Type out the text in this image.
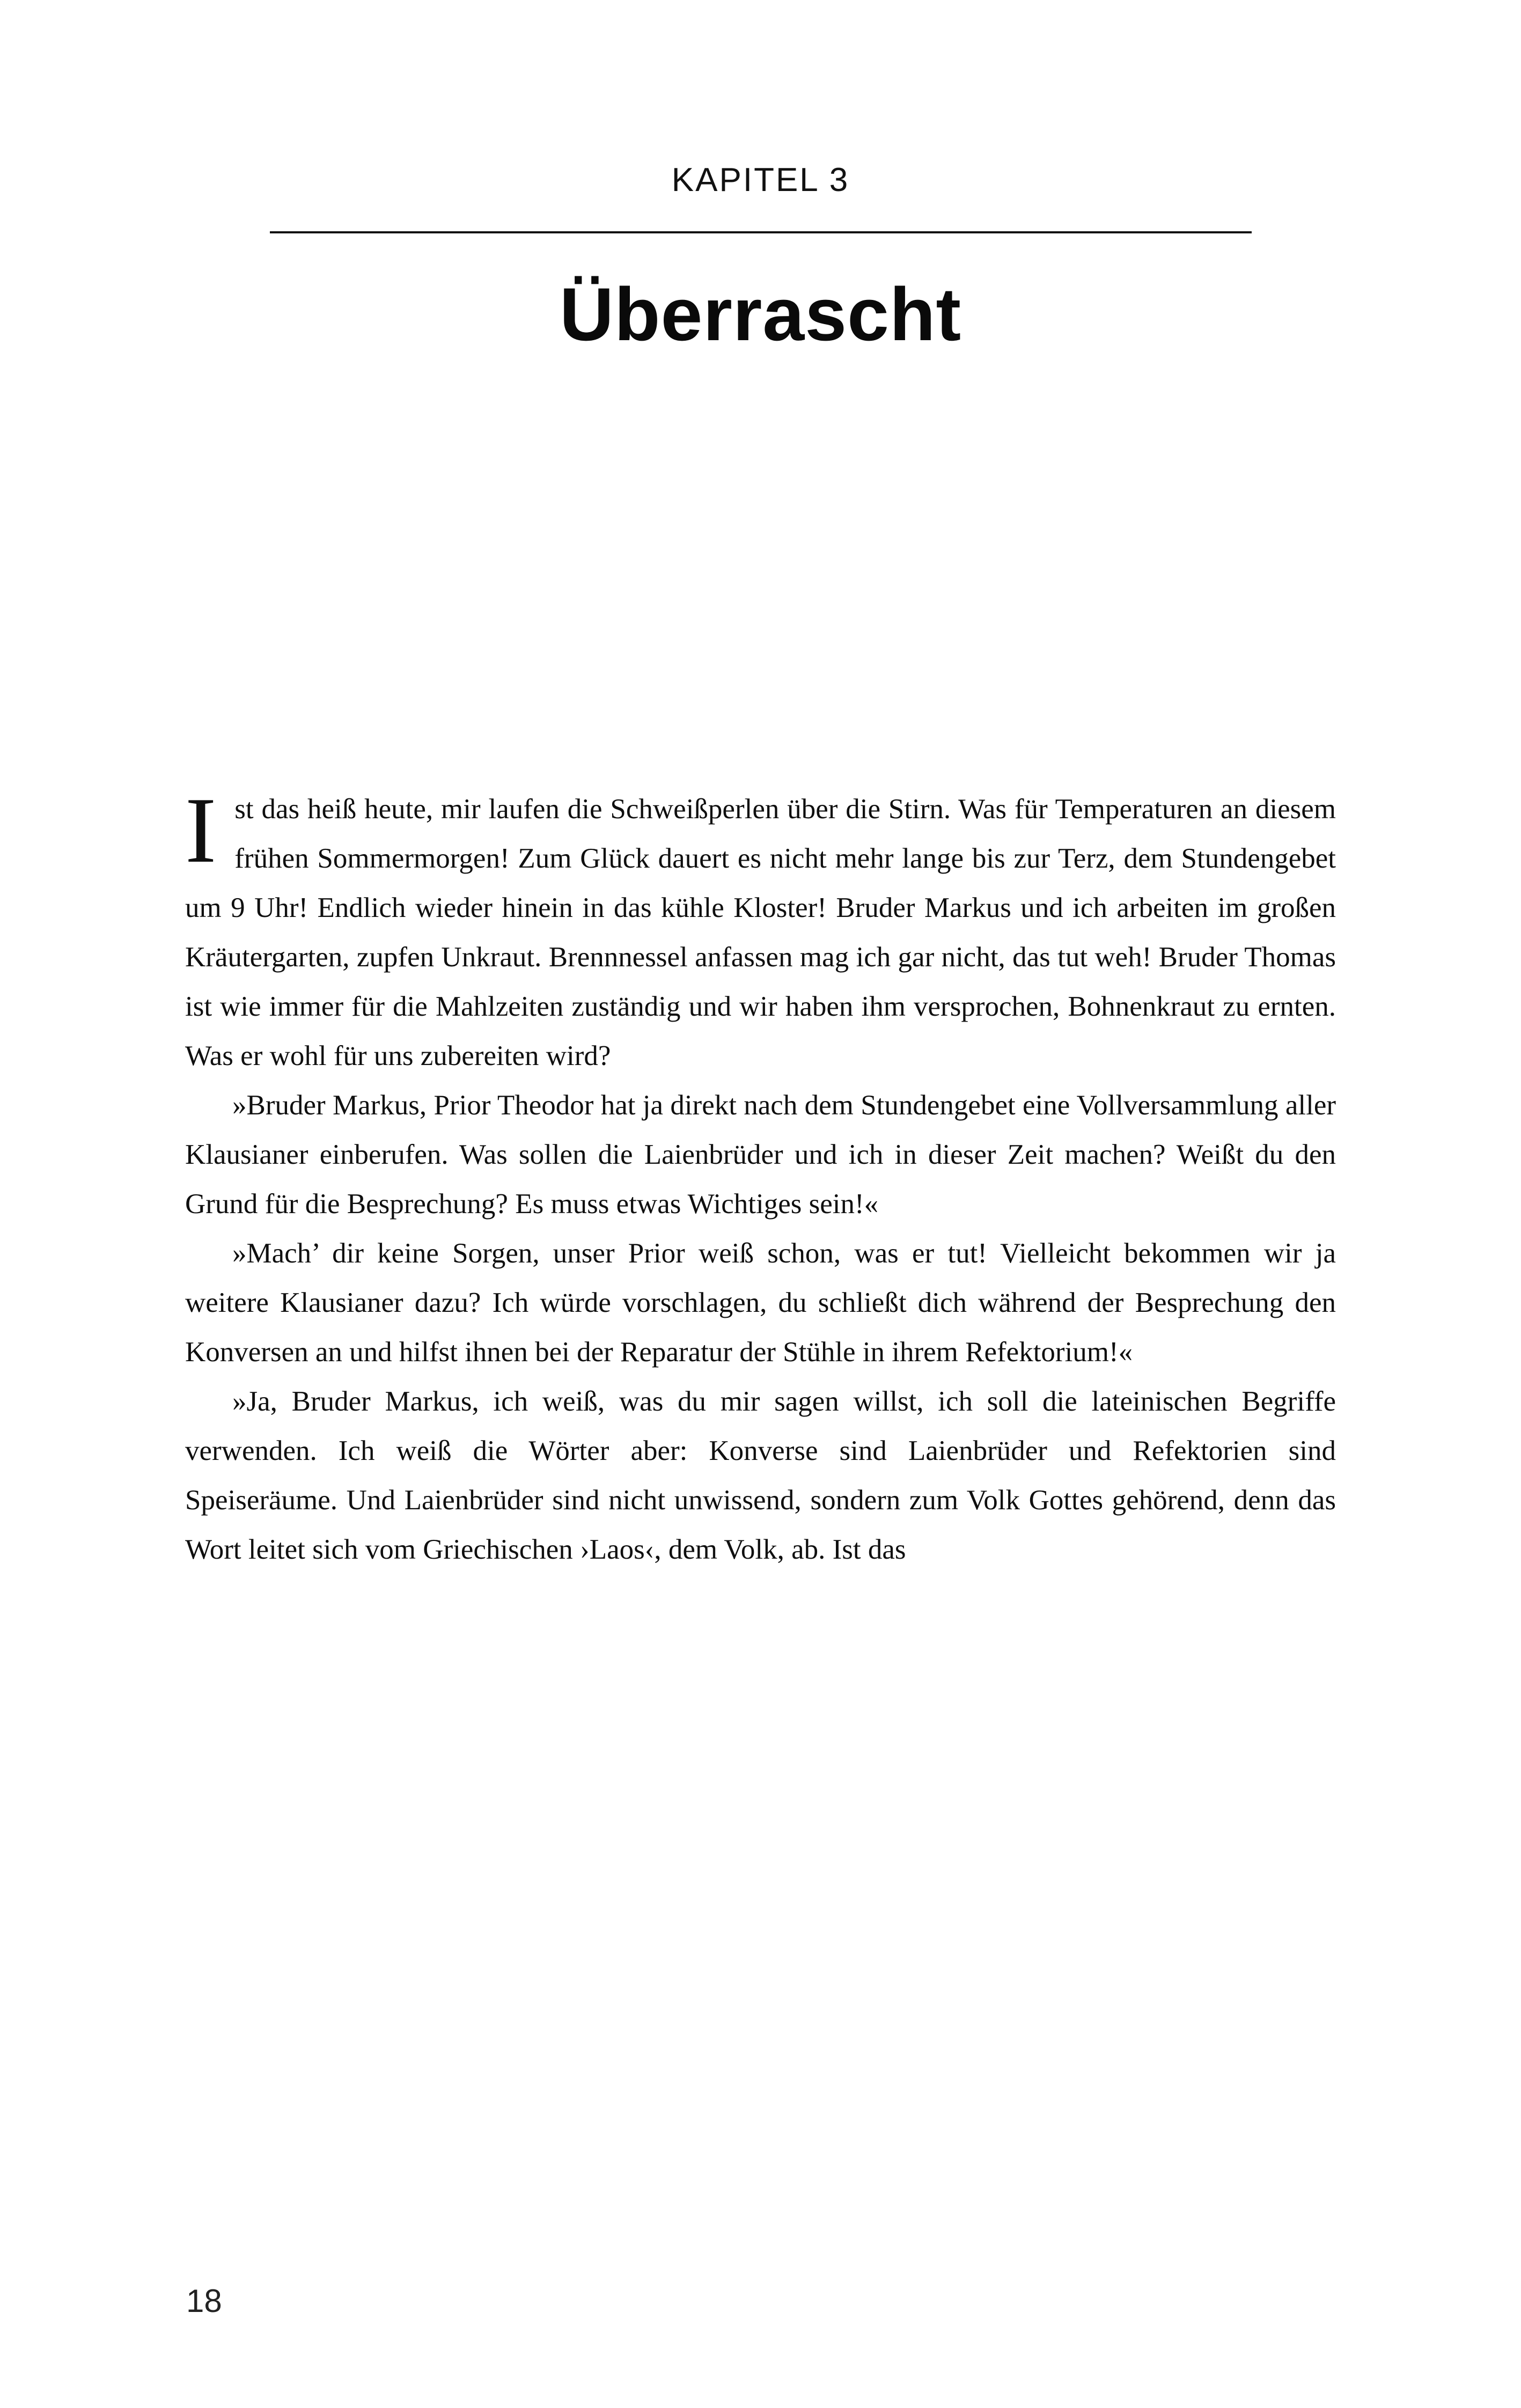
KAPITEL 3
Überrascht

Ist das heiß heute, mir laufen die Schweißperlen über die Stirn. Was für Temperaturen an diesem frühen Sommermorgen! Zum Glück dauert es nicht mehr lange bis zur Terz, dem Stundengebet um 9 Uhr! Endlich wieder hinein in das kühle Kloster! Bruder Markus und ich arbeiten im großen Kräutergarten, zupfen Unkraut. Brennnessel anfassen mag ich gar nicht, das tut weh! Bruder Thomas ist wie immer für die Mahlzeiten zuständig und wir haben ihm versprochen, Bohnenkraut zu ernten. Was er wohl für uns zubereiten wird?

»Bruder Markus, Prior Theodor hat ja direkt nach dem Stundengebet eine Vollversammlung aller Klausianer einberufen. Was sollen die Laienbrüder und ich in dieser Zeit machen? Weißt du den Grund für die Besprechung? Es muss etwas Wichtiges sein!«

»Mach’ dir keine Sorgen, unser Prior weiß schon, was er tut! Vielleicht bekommen wir ja weitere Klausianer dazu? Ich würde vorschlagen, du schließt dich während der Besprechung den Konversen an und hilfst ihnen bei der Reparatur der Stühle in ihrem Refektorium!«

»Ja, Bruder Markus, ich weiß, was du mir sagen willst, ich soll die lateinischen Begriffe verwenden. Ich weiß die Wörter aber: Konverse sind Laienbrüder und Refektorien sind Speiseräume. Und Laienbrüder sind nicht unwissend, sondern zum Volk Gottes gehörend, denn das Wort leitet sich vom Griechischen ›Laos‹, dem Volk, ab. Ist das

18
